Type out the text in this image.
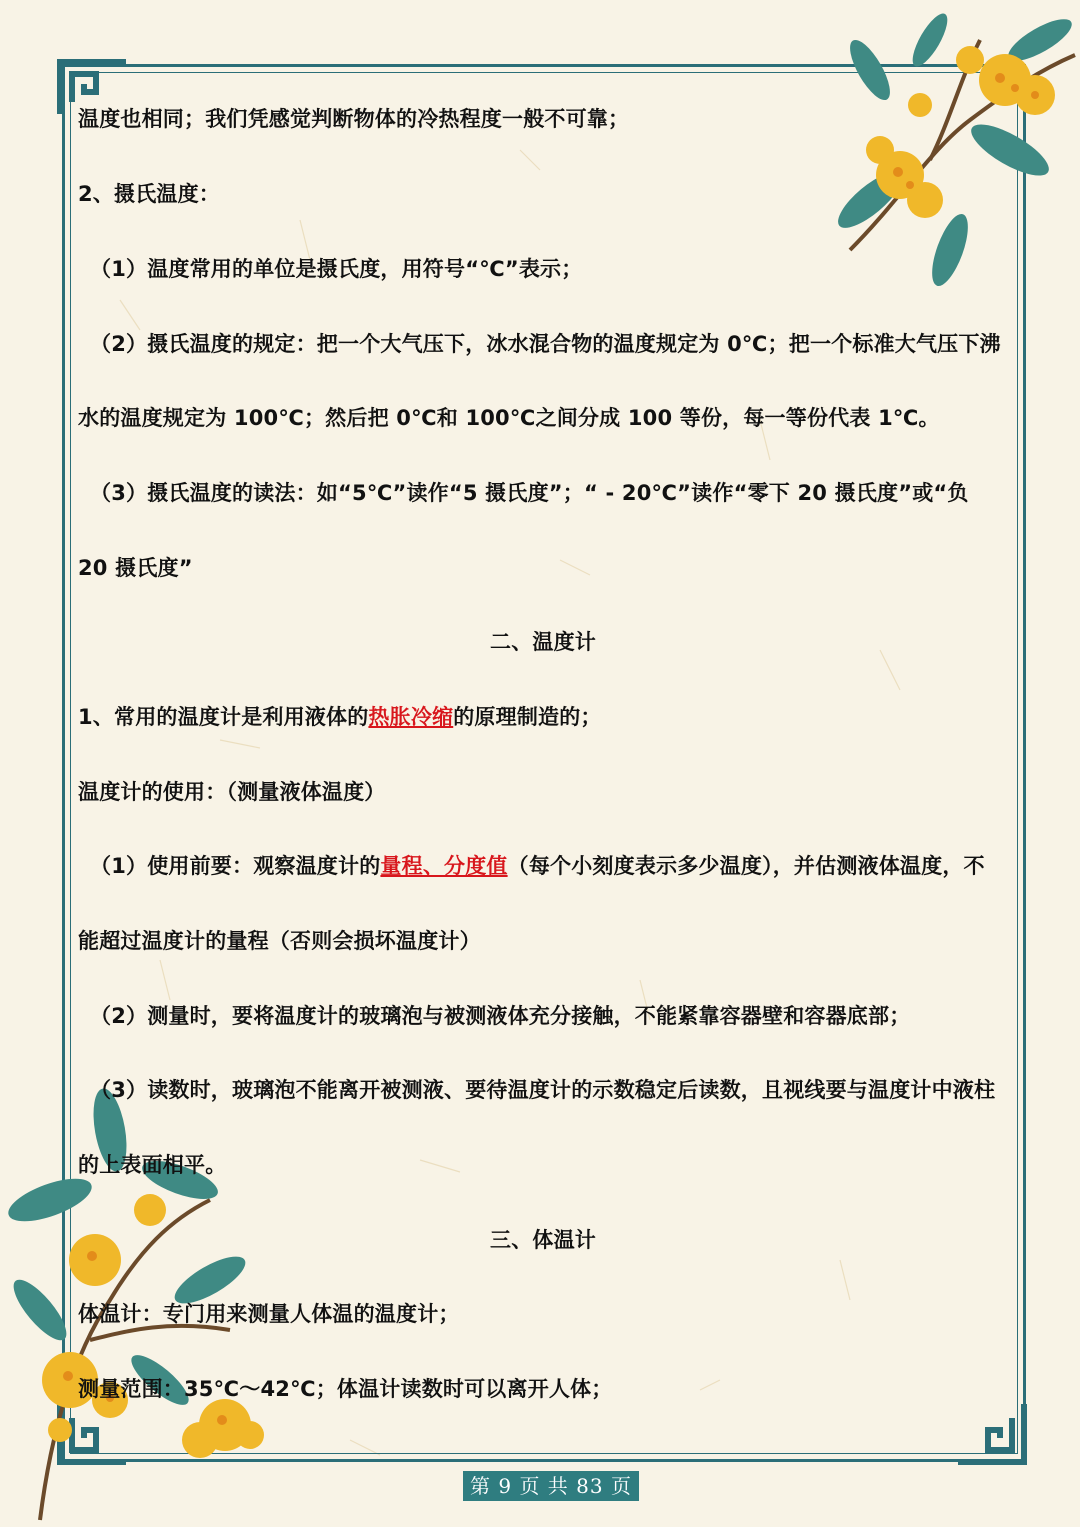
温度也相同；我们凭感觉判断物体的冷热程度一般不可靠；
2、摄氏温度：
（1）温度常用的单位是摄氏度，用符号“℃”表示；
（2）摄氏温度的规定：把一个大气压下，冰水混合物的温度规定为 0℃；把一个标准大气压下沸
水的温度规定为 100℃；然后把 0℃和 100℃之间分成 100 等份，每一等份代表 1℃。
（3）摄氏温度的读法：如“5℃”读作“5 摄氏度”；“ - 20℃”读作“零下 20 摄氏度”或“负
20 摄氏度”
二、温度计
1、常用的温度计是利用液体的热胀冷缩的原理制造的；
温度计的使用：（测量液体温度）
（1）使用前要：观察温度计的量程、分度值（每个小刻度表示多少温度），并估测液体温度，不
能超过温度计的量程（否则会损坏温度计）
（2）测量时，要将温度计的玻璃泡与被测液体充分接触，不能紧靠容器壁和容器底部；
（3）读数时，玻璃泡不能离开被测液、要待温度计的示数稳定后读数，且视线要与温度计中液柱
的上表面相平。
三、体温计
体温计：专门用来测量人体温的温度计；
测量范围：35℃～42℃；体温计读数时可以离开人体；
第 9 页 共 83 页
